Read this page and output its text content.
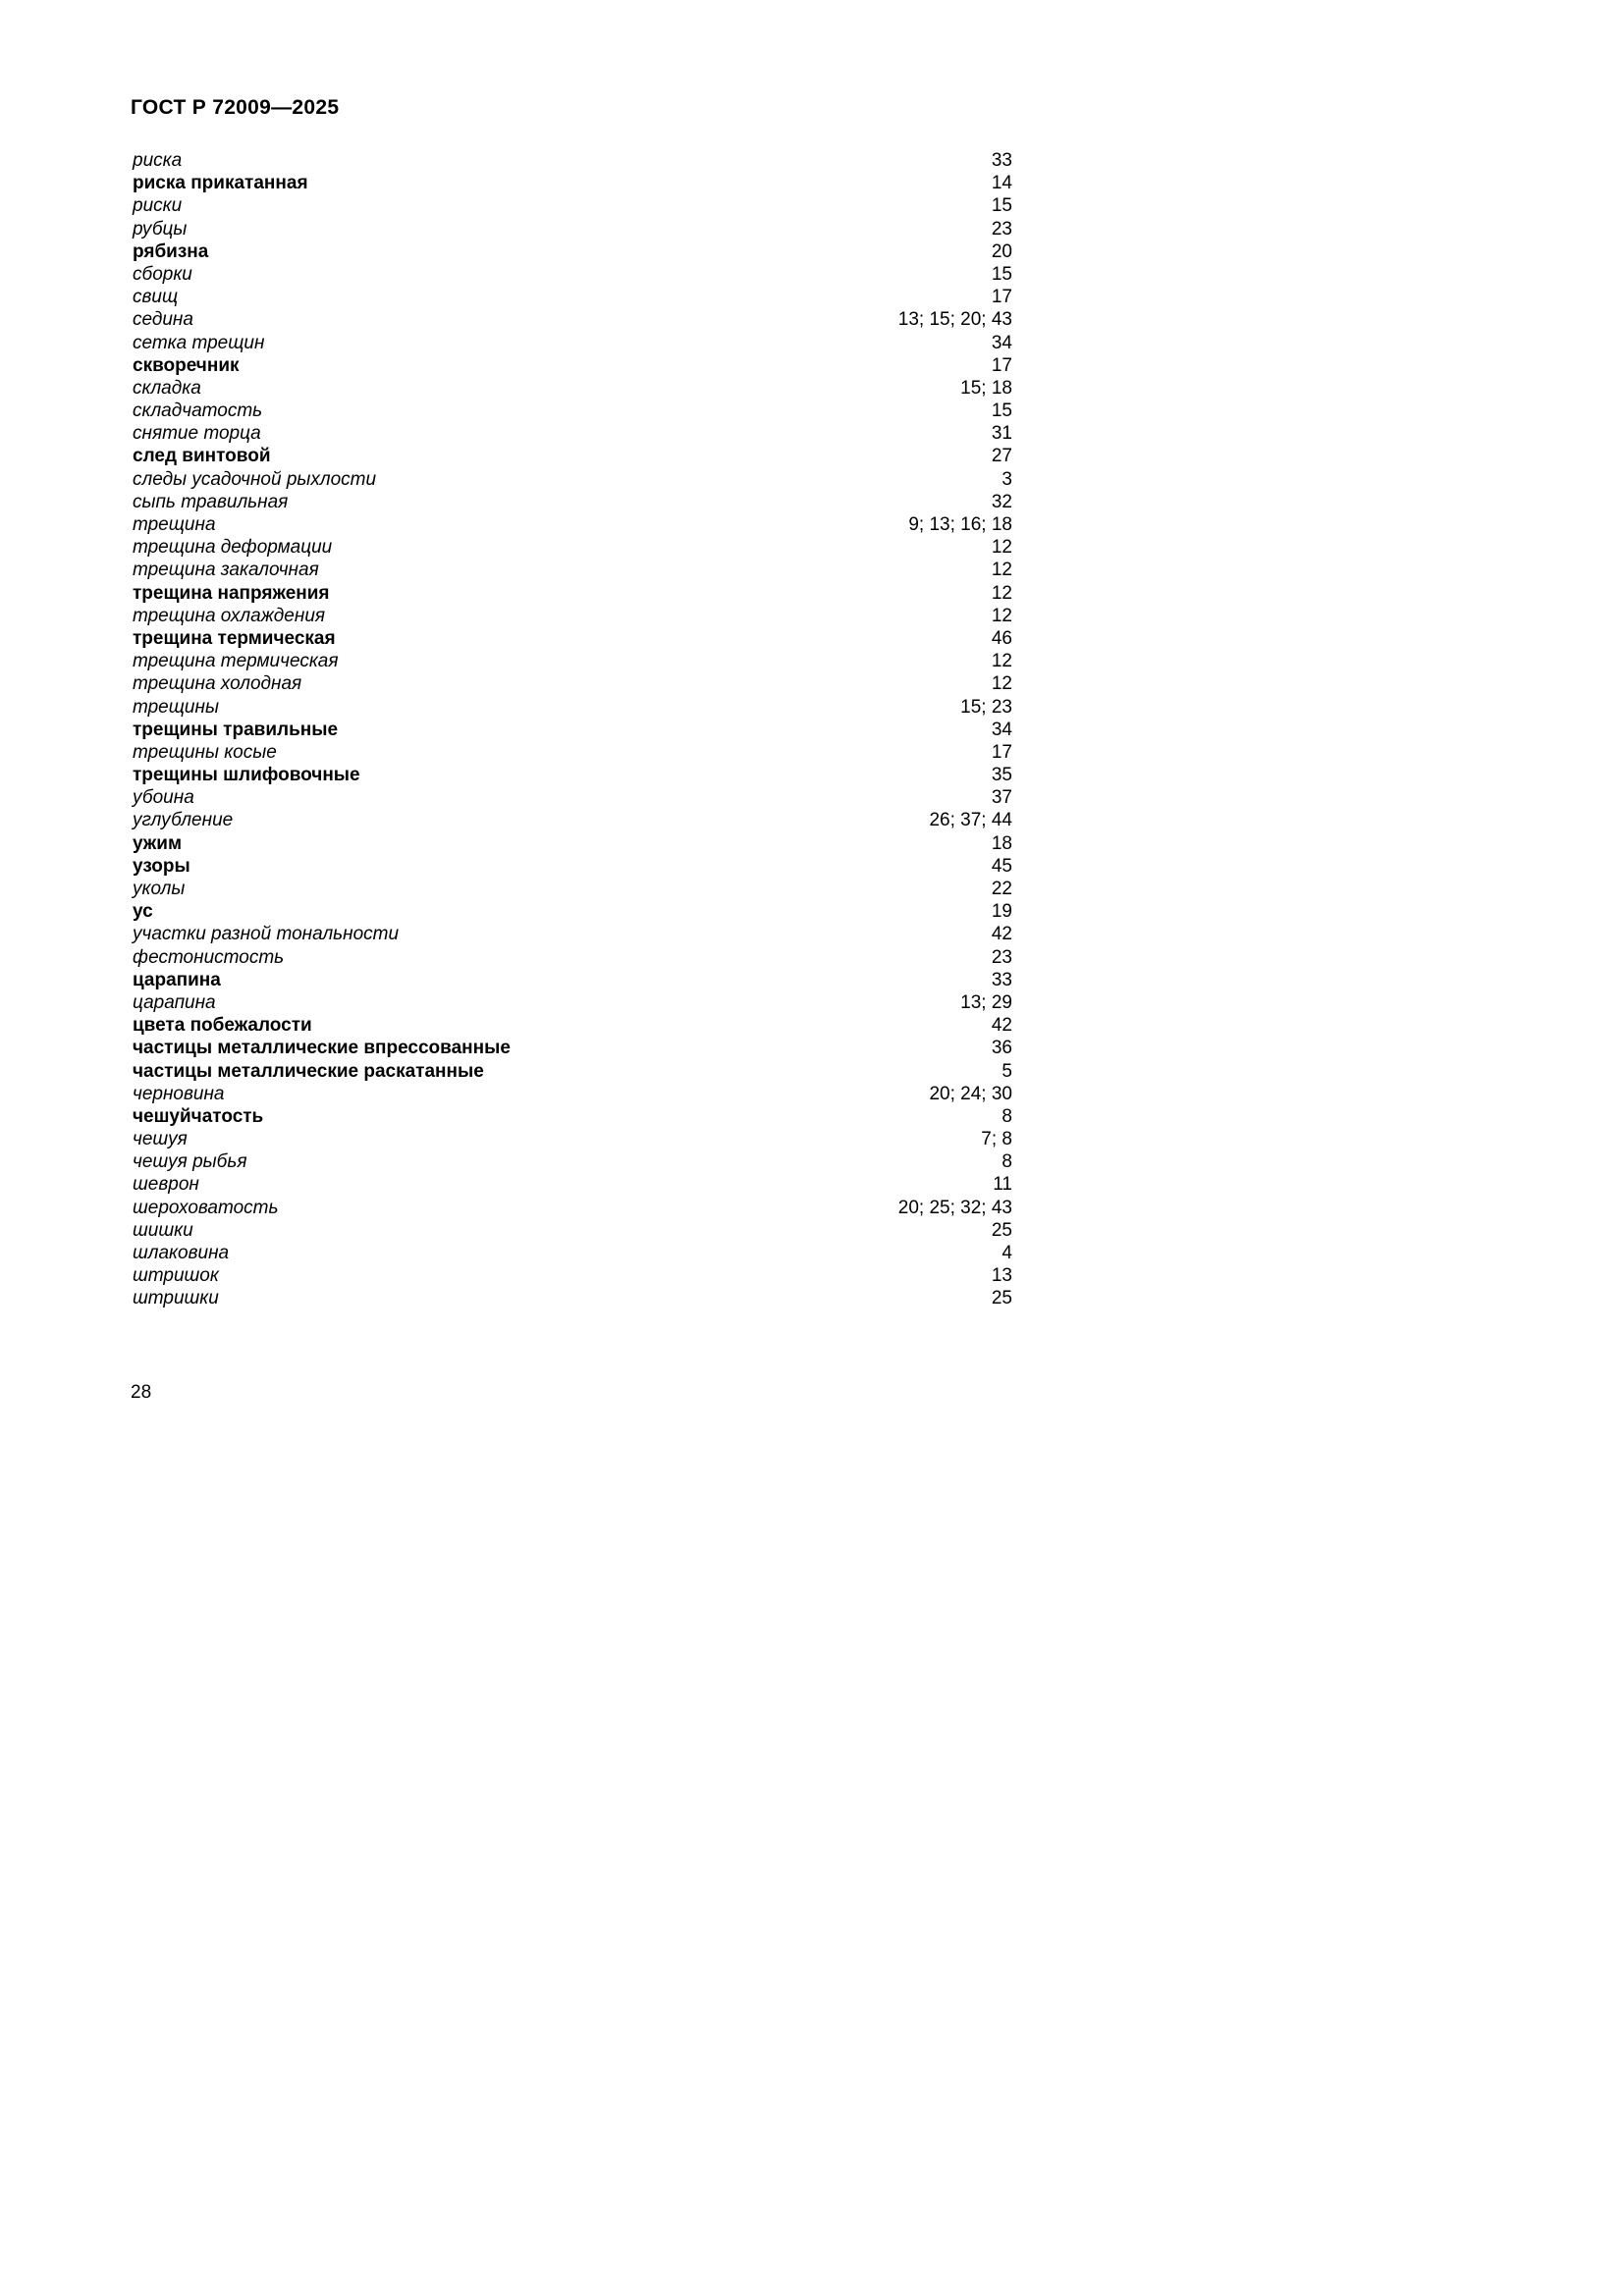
ГОСТ Р 72009—2025
риска	33
риска прикатанная	14
риски	15
рубцы	23
рябизна	20
сборки	15
свищ	17
седина	13; 15; 20; 43
сетка трещин	34
скворечник	17
складка	15; 18
складчатость	15
снятие торца	31
след винтовой	27
следы усадочной рыхлости	3
сыпь травильная	32
трещина	9; 13; 16; 18
трещина деформации	12
трещина закалочная	12
трещина напряжения	12
трещина охлаждения	12
трещина термическая	46
трещина термическая	12
трещина холодная	12
трещины	15; 23
трещины травильные	34
трещины косые	17
трещины шлифовочные	35
убоина	37
углубление	26; 37; 44
ужим	18
узоры	45
уколы	22
ус	19
участки разной тональности	42
фестонистость	23
царапина	33
царапина	13; 29
цвета побежалости	42
частицы металлические впрессованные	36
частицы металлические раскатанные	5
черновина	20; 24; 30
чешуйчатость	8
чешуя	7; 8
чешуя рыбья	8
шеврон	11
шероховатость	20; 25; 32; 43
шишки	25
шлаковина	4
штришок	13
штришки	25
28
